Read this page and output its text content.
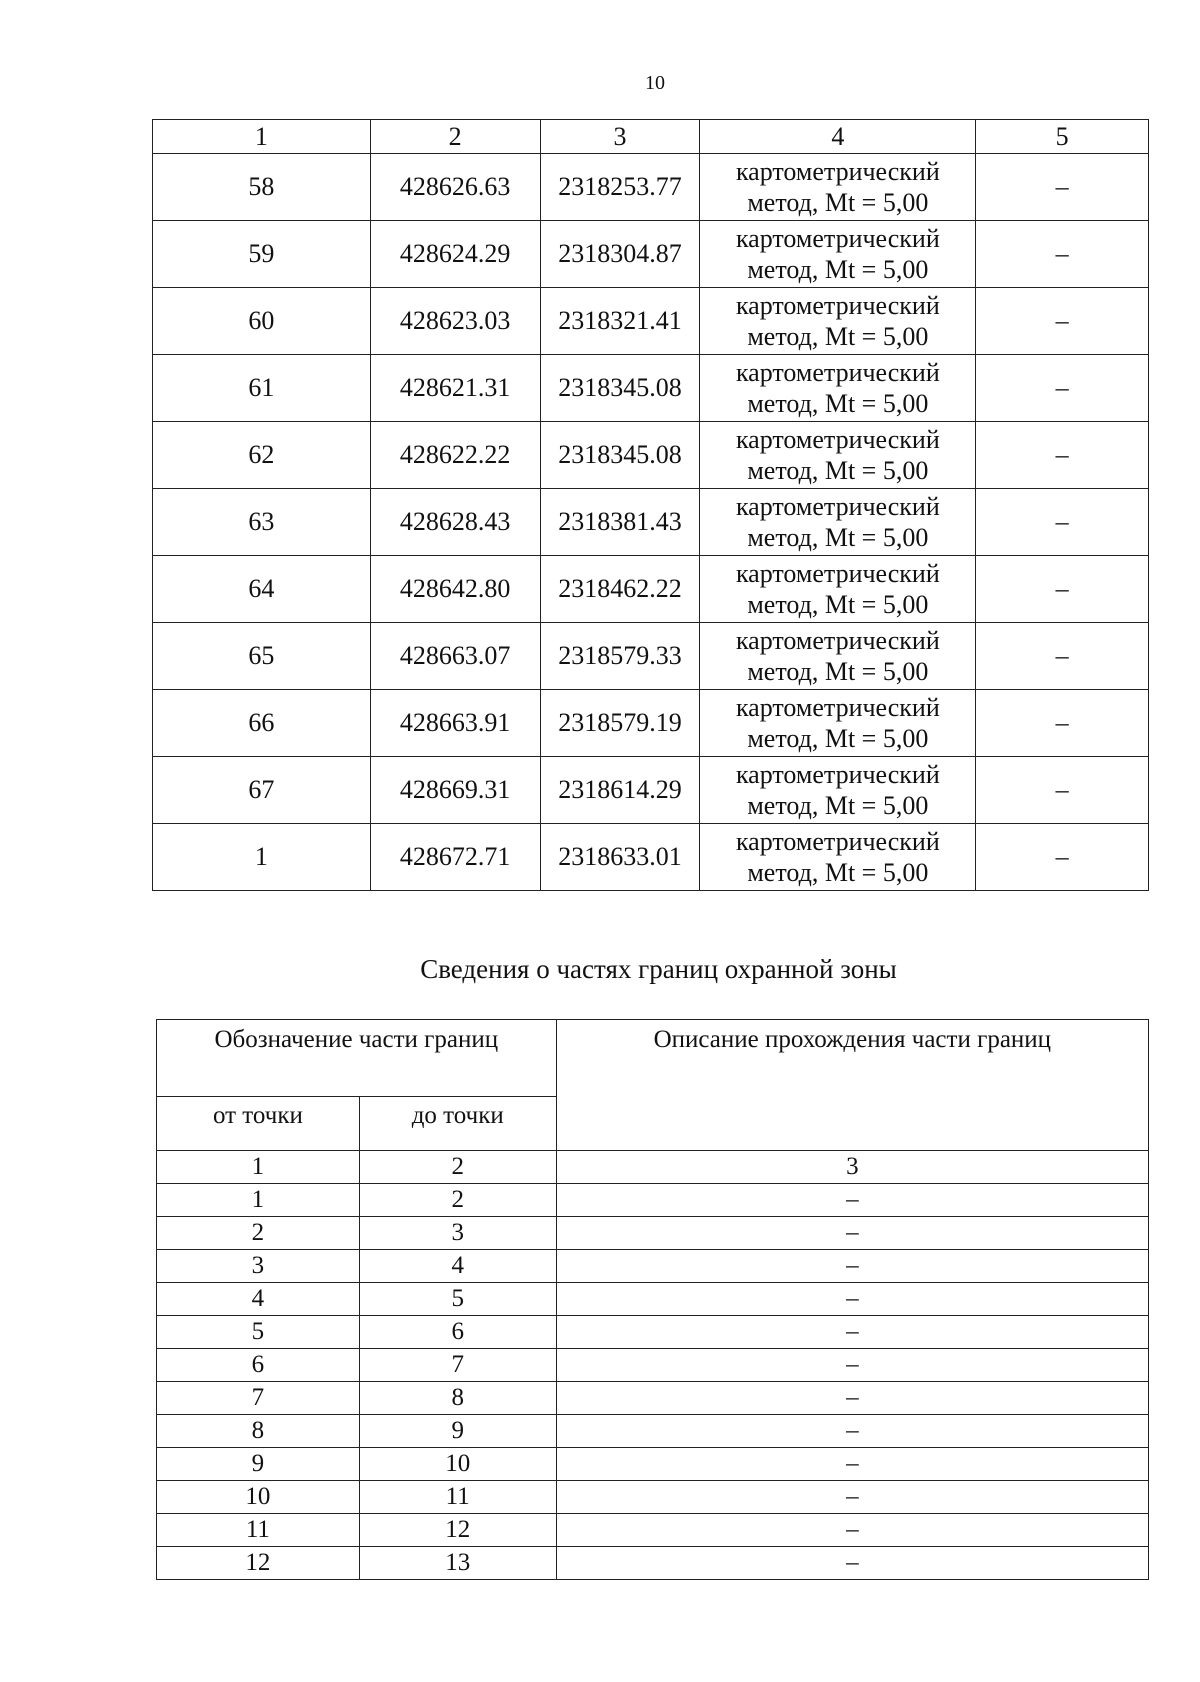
10
1	2	3	4	5
58	428626.63	2318253.77	картометрический
метод, Mt = 5,00	–
59	428624.29	2318304.87	картометрический
метод, Mt = 5,00	–
60	428623.03	2318321.41	картометрический
метод, Mt = 5,00	–
61	428621.31	2318345.08	картометрический
метод, Mt = 5,00	–
62	428622.22	2318345.08	картометрический
метод, Mt = 5,00	–
63	428628.43	2318381.43	картометрический
метод, Mt = 5,00	–
64	428642.80	2318462.22	картометрический
метод, Mt = 5,00	–
65	428663.07	2318579.33	картометрический
метод, Mt = 5,00	–
66	428663.91	2318579.19	картометрический
метод, Mt = 5,00	–
67	428669.31	2318614.29	картометрический
метод, Mt = 5,00	–
1	428672.71	2318633.01	картометрический
метод, Mt = 5,00	–
Сведения о частях границ охранной зоны
Обозначение части границ		Описание прохождения части границ
от точки	до точки	
1	2	3
1	2	–
2	3	–
3	4	–
4	5	–
5	6	–
6	7	–
7	8	–
8	9	–
9	10	–
10	11	–
11	12	–
12	13	–
